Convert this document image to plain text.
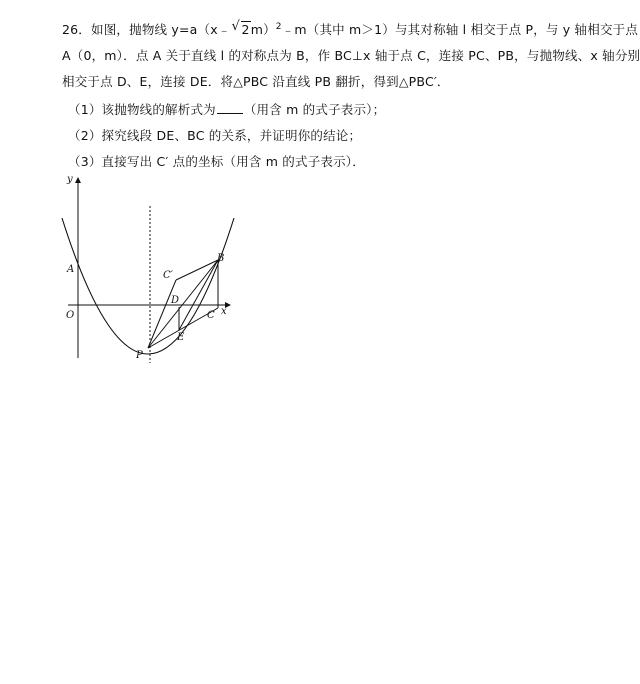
26．如图，抛物线 y=a（x﹣ √ 2m）$^2$﹣m（其中 m＞1）与其对称轴 l 相交于点 P，与 y 轴相交于点
A（0，m）．点 A 关于直线 l 的对称点为 B，作 BC⊥x 轴于点 C，连接 PC、PB，与抛物线、x 轴分别
相交于点 D、E，连接 DE．将△PBC 沿直线 PB 翻折，得到△PBC′．
（1）该抛物线的解析式为 （用含 m 的式子表示）；
（2）探究线段 DE、BC 的关系，并证明你的结论；
（3）直接写出 C′ 点的坐标（用含 m 的式子表示）．
y
x
O
A
B
C
C′
D
E
P
